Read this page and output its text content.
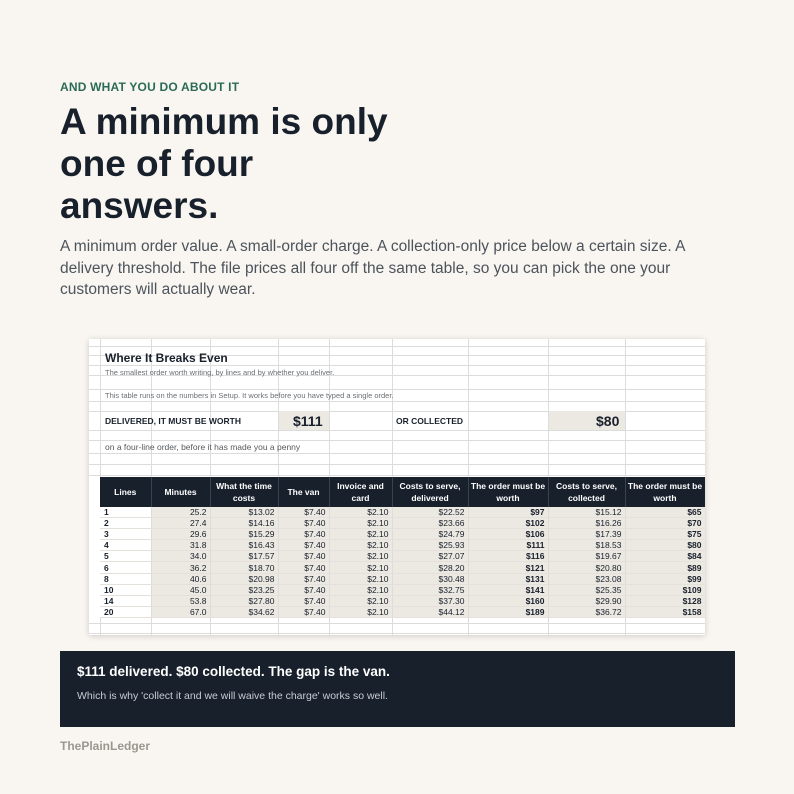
AND WHAT YOU DO ABOUT IT
A minimum is only one of four answers.

A minimum order value. A small-order charge. A collection-only price below a certain size. A delivery threshold. The file prices all four off the same table, so you can pick the one your customers will actually wear.

Where It Breaks Even
The smallest order worth writing, by lines and by whether you deliver.
This table runs on the numbers in Setup. It works before you have typed a single order.
DELIVERED, IT MUST BE WORTH	$111	OR COLLECTED	$80
on a four-line order, before it has made you a penny
Lines	Minutes	What the time costs	The van	Invoice and card	Costs to serve, delivered	The order must be worth	Costs to serve, collected	The order must be worth
1	25.2	$13.02	$7.40	$2.10	$22.52	$97	$15.12	$65
2	27.4	$14.16	$7.40	$2.10	$23.66	$102	$16.26	$70
3	29.6	$15.29	$7.40	$2.10	$24.79	$106	$17.39	$75
4	31.8	$16.43	$7.40	$2.10	$25.93	$111	$18.53	$80
5	34.0	$17.57	$7.40	$2.10	$27.07	$116	$19.67	$84
6	36.2	$18.70	$7.40	$2.10	$28.20	$121	$20.80	$89
8	40.6	$20.98	$7.40	$2.10	$30.48	$131	$23.08	$99
10	45.0	$23.25	$7.40	$2.10	$32.75	$141	$25.35	$109
14	53.8	$27.80	$7.40	$2.10	$37.30	$160	$29.90	$128
20	67.0	$34.62	$7.40	$2.10	$44.12	$189	$36.72	$158
$111 delivered. $80 collected. The gap is the van.
Which is why 'collect it and we will waive the charge' works so well.
ThePlainLedger
